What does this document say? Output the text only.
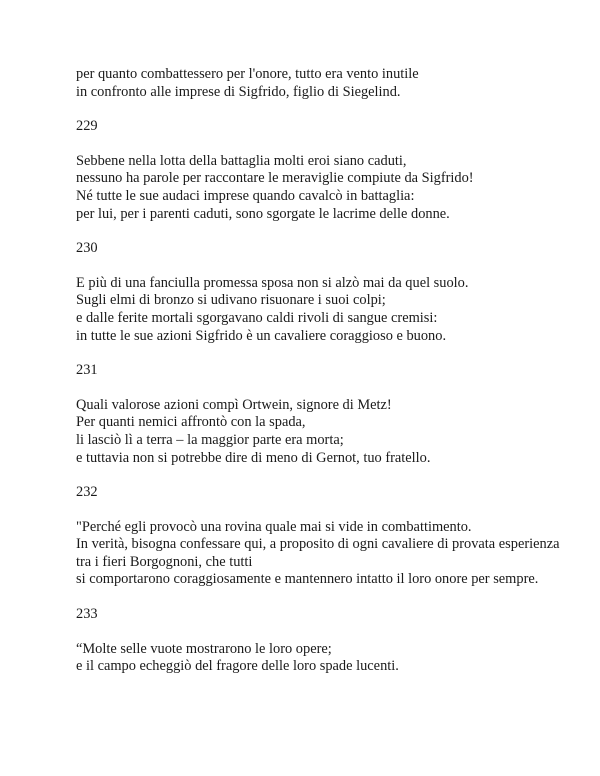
per quanto combattessero per l'onore, tutto era vento inutile
in confronto alle imprese di Sigfrido, figlio di Siegelind.
229
Sebbene nella lotta della battaglia molti eroi siano caduti,
nessuno ha parole per raccontare le meraviglie compiute da Sigfrido!
Né tutte le sue audaci imprese quando cavalcò in battaglia:
per lui, per i parenti caduti, sono sgorgate le lacrime delle donne.
230
E più di una fanciulla promessa sposa non si alzò mai da quel suolo.
Sugli elmi di bronzo si udivano risuonare i suoi colpi;
e dalle ferite mortali sgorgavano caldi rivoli di sangue cremisi:
in tutte le sue azioni Sigfrido è un cavaliere coraggioso e buono.
231
Quali valorose azioni compì Ortwein, signore di Metz!
Per quanti nemici affrontò con la spada,
li lasciò lì a terra – la maggior parte era morta;
e tuttavia non si potrebbe dire di meno di Gernot, tuo fratello.
232
"Perché egli provocò una rovina quale mai si vide in combattimento.
In verità, bisogna confessare qui, a proposito di ogni cavaliere di provata esperienza
tra i fieri Borgognoni, che tutti
si comportarono coraggiosamente e mantennero intatto il loro onore per sempre.
233
“Molte selle vuote mostrarono le loro opere;
e il campo echeggiò del fragore delle loro spade lucenti.
